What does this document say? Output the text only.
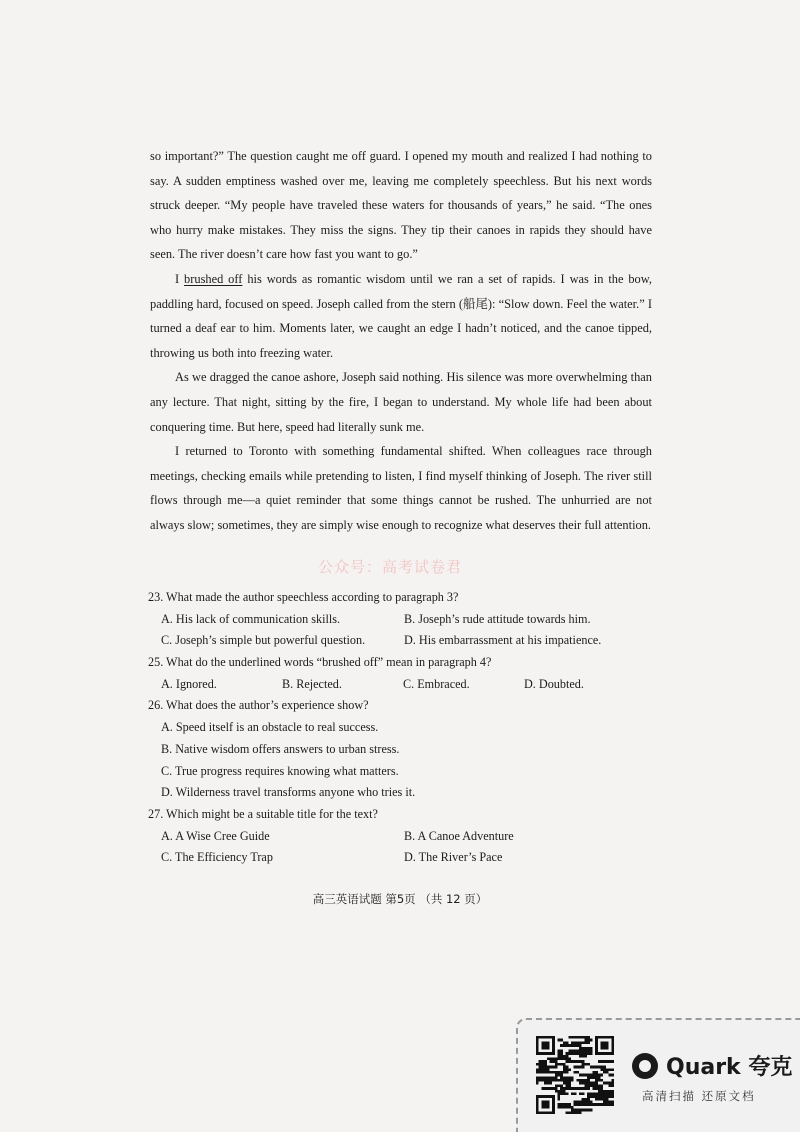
so important?” The question caught me off guard. I opened my mouth and realized I had nothing to say. A sudden emptiness washed over me, leaving me completely speechless. But his next words struck deeper. “My people have traveled these waters for thousands of years,” he said. “The ones who hurry make mistakes. They miss the signs. They tip their canoes in rapids they should have seen. The river doesn’t care how fast you want to go.”

I brushed off his words as romantic wisdom until we ran a set of rapids. I was in the bow, paddling hard, focused on speed. Joseph called from the stern (船尾): “Slow down. Feel the water.” I turned a deaf ear to him. Moments later, we caught an edge I hadn’t noticed, and the canoe tipped, throwing us both into freezing water.

As we dragged the canoe ashore, Joseph said nothing. His silence was more overwhelming than any lecture. That night, sitting by the fire, I began to understand. My whole life had been about conquering time. But here, speed had literally sunk me.

I returned to Toronto with something fundamental shifted. When colleagues race through meetings, checking emails while pretending to listen, I find myself thinking of Joseph. The river still flows through me—a quiet reminder that some things cannot be rushed. The unhurried are not always slow; sometimes, they are simply wise enough to recognize what deserves their full attention.

公众号：高考试卷君
23. What made the author speechless according to paragraph 3?
A. His lack of communication skills.	B. Joseph’s rude attitude towards him.
C. Joseph’s simple but powerful question.	D. His embarrassment at his impatience.
25. What do the underlined words “brushed off” mean in paragraph 4?
A. Ignored.	B. Rejected.	C. Embraced.	D. Doubted.
26. What does the author’s experience show?
A. Speed itself is an obstacle to real success.
B. Native wisdom offers answers to urban stress.
C. True progress requires knowing what matters.
D. Wilderness travel transforms anyone who tries it.
27. Which might be a suitable title for the text?
A. A Wise Cree Guide	B. A Canoe Adventure
C. The Efficiency Trap	D. The River’s Pace
高三英语试题 第5页 （共 12 页）
Quark 夸克
高清扫描 还原文档
